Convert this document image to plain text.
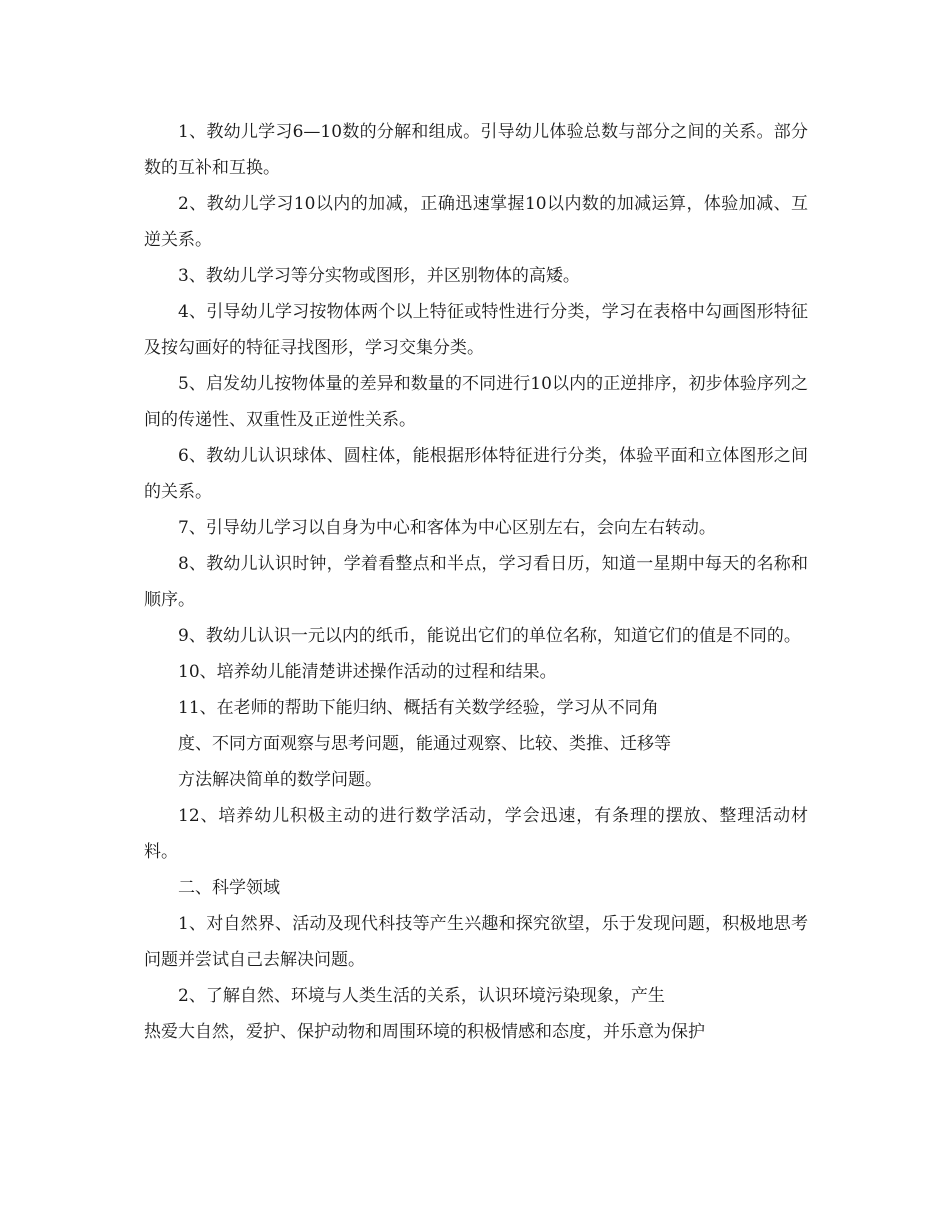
1、教幼儿学习6—10数的分解和组成。引导幼儿体验总数与部分之间的关系。部分数的互补和互换。

2、教幼儿学习10以内的加减，正确迅速掌握10以内数的加减运算，体验加减、互逆关系。

3、教幼儿学习等分实物或图形，并区别物体的高矮。

4、引导幼儿学习按物体两个以上特征或特性进行分类，学习在表格中勾画图形特征及按勾画好的特征寻找图形，学习交集分类。

5、启发幼儿按物体量的差异和数量的不同进行10以内的正逆排序，初步体验序列之间的传递性、双重性及正逆性关系。

6、教幼儿认识球体、圆柱体，能根据形体特征进行分类，体验平面和立体图形之间的关系。

7、引导幼儿学习以自身为中心和客体为中心区别左右，会向左右转动。

8、教幼儿认识时钟，学着看整点和半点，学习看日历，知道一星期中每天的名称和顺序。

9、教幼儿认识一元以内的纸币，能说出它们的单位名称，知道它们的值是不同的。

10、培养幼儿能清楚讲述操作活动的过程和结果。

11、在老师的帮助下能归纳、概括有关数学经验，学习从不同角

度、不同方面观察与思考问题，能通过观察、比较、类推、迁移等

方法解决简单的数学问题。

12、培养幼儿积极主动的进行数学活动，学会迅速，有条理的摆放、整理活动材料。

二、科学领域

1、对自然界、活动及现代科技等产生兴趣和探究欲望，乐于发现问题，积极地思考问题并尝试自己去解决问题。

2、了解自然、环境与人类生活的关系，认识环境污染现象，产生

热爱大自然，爱护、保护动物和周围环境的积极情感和态度，并乐意为保护
